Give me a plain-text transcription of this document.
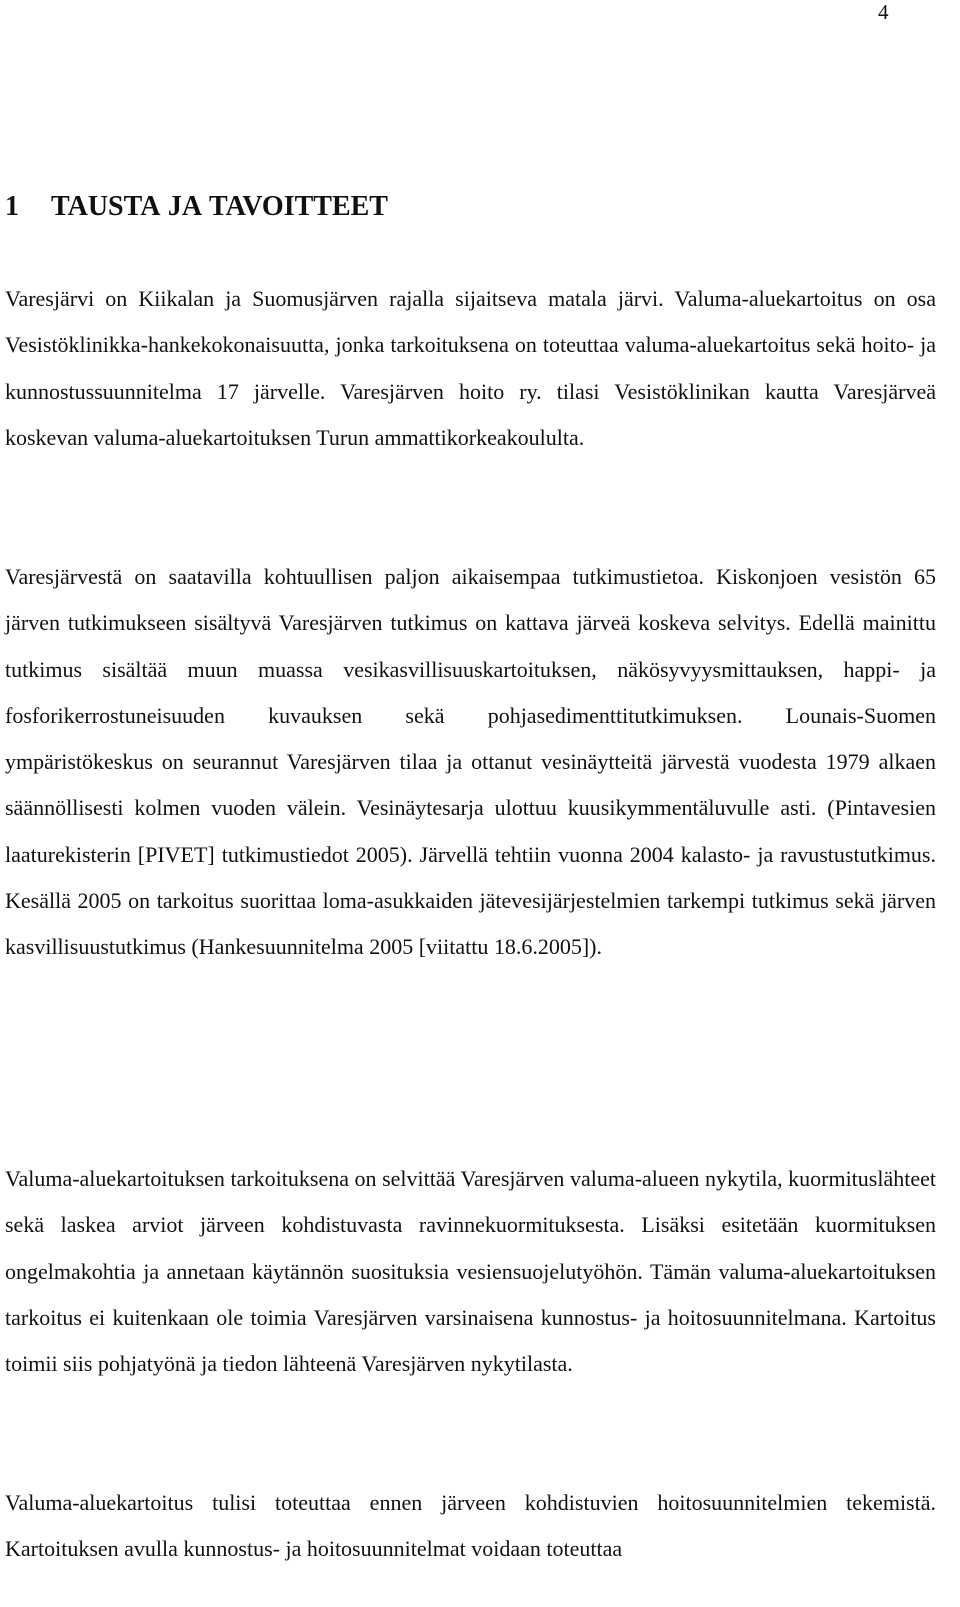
4
1 TAUSTA JA TAVOITTEET

Varesjärvi on Kiikalan ja Suomusjärven rajalla sijaitseva matala järvi. Valuma-aluekartoitus on osa Vesistöklinikka-hankekokonaisuutta, jonka tarkoituksena on toteuttaa valuma-aluekartoitus sekä hoito- ja kunnostussuunnitelma 17 järvelle. Varesjärven hoito ry. tilasi Vesistöklinikan kautta Varesjärveä koskevan valuma-aluekartoituksen Turun ammattikorkeakoululta.

Varesjärvestä on saatavilla kohtuullisen paljon aikaisempaa tutkimustietoa. Kiskonjoen vesistön 65 järven tutkimukseen sisältyvä Varesjärven tutkimus on kattava järveä koskeva selvitys. Edellä mainittu tutkimus sisältää muun muassa vesikasvillisuuskartoituksen, näkösyvyysmittauksen, happi- ja fosforikerrostuneisuuden kuvauksen sekä pohjasedimenttitutkimuksen. Lounais-Suomen ympäristökeskus on seurannut Varesjärven tilaa ja ottanut vesinäytteitä järvestä vuodesta 1979 alkaen säännöllisesti kolmen vuoden välein. Vesinäytesarja ulottuu kuusikymmentäluvulle asti. (Pintavesien laaturekisterin [PIVET] tutkimustiedot 2005). Järvellä tehtiin vuonna 2004 kalasto- ja ravustustutkimus. Kesällä 2005 on tarkoitus suorittaa loma-asukkaiden jätevesijärjestelmien tarkempi tutkimus sekä järven kasvillisuustutkimus (Hankesuunnitelma 2005 [viitattu 18.6.2005]).

Valuma-aluekartoituksen tarkoituksena on selvittää Varesjärven valuma-alueen nykytila, kuormituslähteet sekä laskea arviot järveen kohdistuvasta ravinnekuormituksesta. Lisäksi esitetään kuormituksen ongelmakohtia ja annetaan käytännön suosituksia vesiensuojelutyöhön. Tämän valuma-aluekartoituksen tarkoitus ei kuitenkaan ole toimia Varesjärven varsinaisena kunnostus- ja hoitosuunnitelmana. Kartoitus toimii siis pohjatyönä ja tiedon lähteenä Varesjärven nykytilasta.

Valuma-aluekartoitus tulisi toteuttaa ennen järveen kohdistuvien hoitosuunnitelmien tekemistä. Kartoituksen avulla kunnostus- ja hoitosuunnitelmat voidaan toteuttaa
